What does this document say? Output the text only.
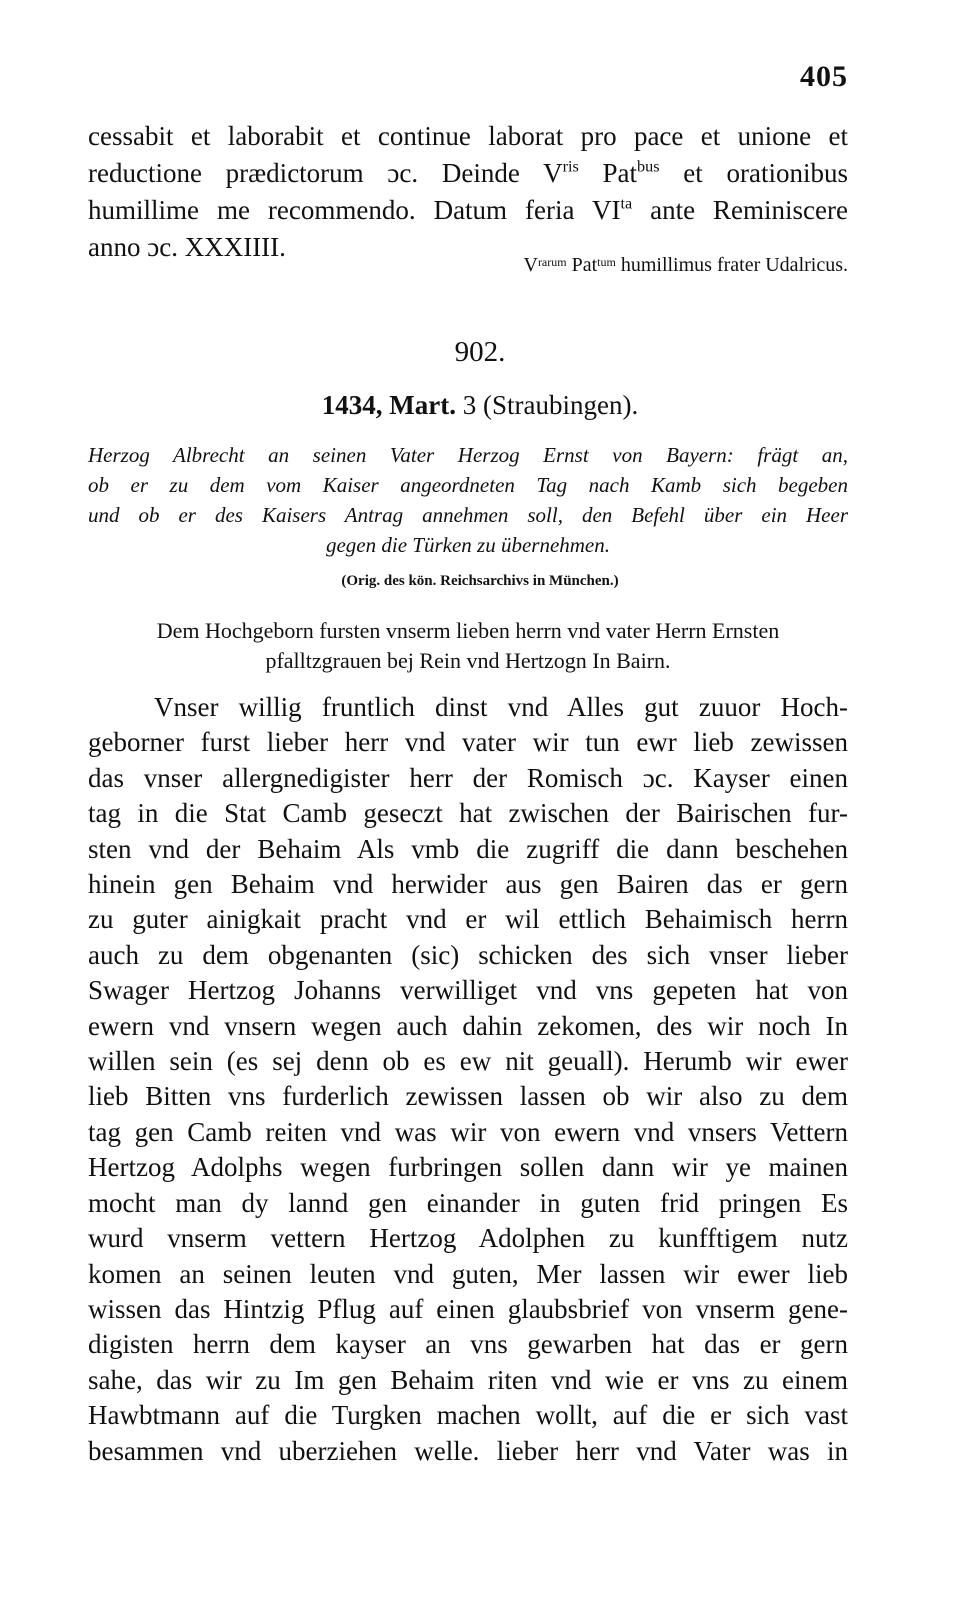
405

cessabit et laborabit et continue laborat pro pace et unione et

reductione prædictorum ɔc. Deinde $V^{ris}$ Pat$^{bus}$ et orationibus

humillime me recommendo. Datum feria $VI^{ta}$ ante Reminiscere

anno ɔc. XXXIIII.

$V^{rarum}$ Pat$^{tum}$ humillimus frater Udalricus.
902.
1434, Mart. 3 (Straubingen).

Herzog Albrecht an seinen Vater Herzog Ernst von Bayern: frägt an,

ob er zu dem vom Kaiser angeordneten Tag nach Kamb sich begeben

und ob er des Kaisers Antrag annehmen soll, den Befehl über ein Heer

gegen die Türken zu übernehmen.

(Orig. des kön. Reichsarchivs in München.)

Dem Hochgeborn fursten vnserm lieben herrn vnd vater Herrn Ernsten

pfalltzgrauen bej Rein vnd Hertzogn In Bairn.

Vnser willig fruntlich dinst vnd Alles gut zuuor Hoch-

geborner furst lieber herr vnd vater wir tun ewr lieb zewissen

das vnser allergnedigister herr der Romisch ɔc. Kayser einen

tag in die Stat Camb geseczt hat zwischen der Bairischen fur-

sten vnd der Behaim Als vmb die zugriff die dann beschehen

hinein gen Behaim vnd herwider aus gen Bairen das er gern

zu guter ainigkait pracht vnd er wil ettlich Behaimisch herrn

auch zu dem obgenanten (sic) schicken des sich vnser lieber

Swager Hertzog Johanns verwilliget vnd vns gepeten hat von

ewern vnd vnsern wegen auch dahin zekomen, des wir noch In

willen sein (es sej denn ob es ew nit geuall). Herumb wir ewer

lieb Bitten vns furderlich zewissen lassen ob wir also zu dem

tag gen Camb reiten vnd was wir von ewern vnd vnsers Vettern

Hertzog Adolphs wegen furbringen sollen dann wir ye mainen

mocht man dy lannd gen einander in guten frid pringen Es

wurd vnserm vettern Hertzog Adolphen zu kunfftigem nutz

komen an seinen leuten vnd guten, Mer lassen wir ewer lieb

wissen das Hintzig Pflug auf einen glaubsbrief von vnserm gene-

digisten herrn dem kayser an vns gewarben hat das er gern

sahe, das wir zu Im gen Behaim riten vnd wie er vns zu einem

Hawbtmann auf die Turgken machen wollt, auf die er sich vast

besammen vnd uberziehen welle. lieber herr vnd Vater was in
